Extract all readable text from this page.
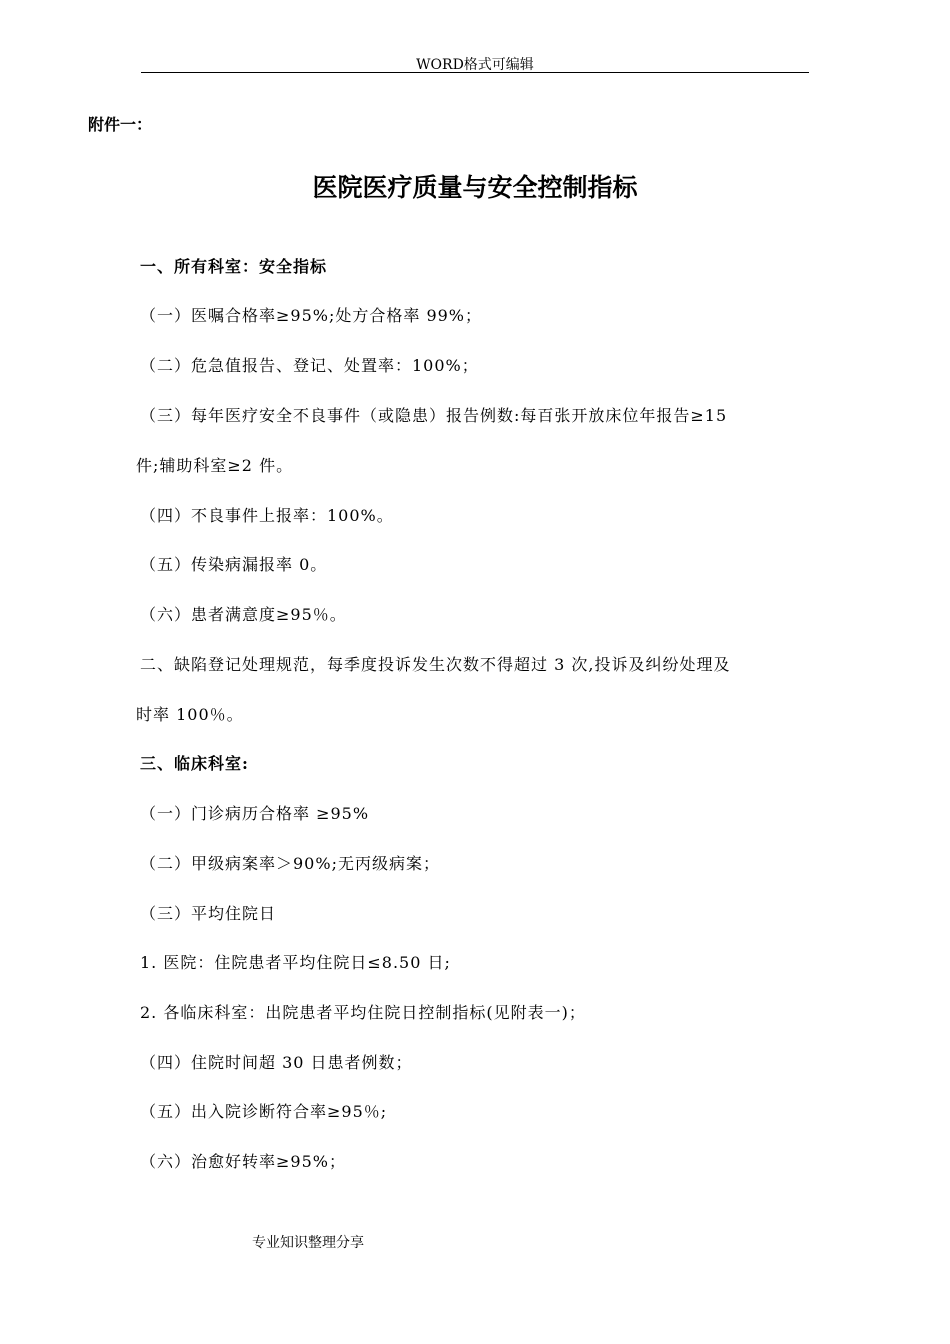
WORD格式可编辑
附件一：
医院医疗质量与安全控制指标
一、所有科室：安全指标
（一）医嘱合格率≥95%;处方合格率 99%；
（二）危急值报告、登记、处置率：100%；
（三）每年医疗安全不良事件（或隐患）报告例数:每百张开放床位年报告≥15
件;辅助科室≥2 件。
（四）不良事件上报率：100%。
（五）传染病漏报率 0。
（六）患者满意度≥95％。
二、缺陷登记处理规范，每季度投诉发生次数不得超过 3 次,投诉及纠纷处理及
时率 100％。
三、临床科室:
（一）门诊病历合格率 ≥95%
（二）甲级病案率＞90%;无丙级病案；
（三）平均住院日
1. 医院：住院患者平均住院日≤8.50 日;
2. 各临床科室：出院患者平均住院日控制指标(见附表一)；
（四）住院时间超 30 日患者例数；
（五）出入院诊断符合率≥95％;
（六）治愈好转率≥95%；
专业知识整理分享
